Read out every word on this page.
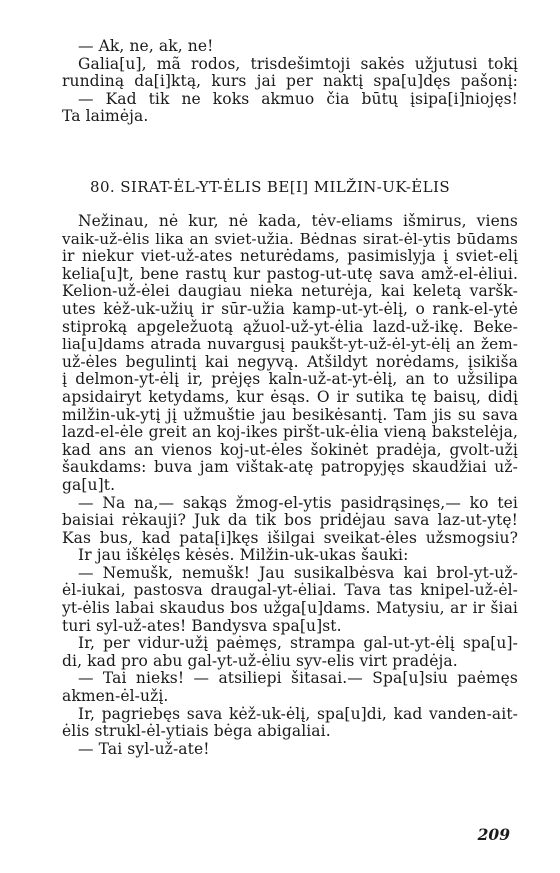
— Ak, ne, ak, ne!
Galia[u], mã rodos, trisdešimtoji sakės užjutusi tokį
rundiną da[i]ktą, kurs jai per naktį spa[u]dęs pašonį:
— Kad tik ne koks akmuo čia būtų įsipa[i]niojęs!
Ta laimėja.
80. SIRAT-ĖL-YT-ĖLIS BE[I] MILŽIN-UK-ĖLIS
Nežinau, nė kur, nė kada, tėv-eliams išmirus, viens
vaik-už-ėlis lika an sviet-užia. Bėdnas sirat-ėl-ytis būdams
ir niekur viet-už-ates neturėdams, pasimislyja į sviet-elį
kelia[u]t, bene rastų kur pastog-ut-utę sava amž-el-ėliui.
Kelion-už-ėlei daugiau nieka neturėja, kai keletą varšk-
utes kėž-uk-užių ir sūr-užia kamp-ut-yt-ėlį, o rank-el-ytė
stiproką apgeležuotą ąžuol-už-yt-ėlia lazd-už-ikę. Beke-
lia[u]dams atrada nuvargusį paukšt-yt-už-ėl-yt-ėlį an žem-
už-ėles begulintį kai negyvą. Atšildyt norėdams, įsikiša
į delmon-yt-ėlį ir, prėjęs kaln-už-at-yt-ėlį, an to užsilipa
apsidairyt ketydams, kur ėsąs. O ir sutika tę baisų, didį
milžin-uk-ytį jį užmuštie jau besikėsantį. Tam jis su sava
lazd-el-ėle greit an koj-ikes piršt-uk-ėlia vieną bakstelėja,
kad ans an vienos koj-ut-ėles šokinėt pradėja, gvolt-užį
šaukdams: buva jam vištak-atę patropyjęs skaudžiai už-
ga[u]t.
— Na na,— sakąs žmog-el-ytis pasidrąsinęs,— ko tei
baisiai rėkauji? Juk da tik bos pridėjau sava laz-ut-ytę!
Kas bus, kad pata[i]kęs išilgai sveikat-ėles užsmogsiu?
Ir jau iškėlęs kėsės. Milžin-uk-ukas šauki:
— Nemušk, nemušk! Jau susikalbėsva kai brol-yt-už-
ėl-iukai, pastosva draugal-yt-ėliai. Tava tas knipel-už-ėl-
yt-ėlis labai skaudus bos užga[u]dams. Matysiu, ar ir šiai
turi syl-už-ates! Bandysva spa[u]st.
Ir, per vidur-užį paėmęs, strampa gal-ut-yt-ėlį spa[u]-
di, kad pro abu gal-yt-už-ėliu syv-elis virt pradėja.
— Tai nieks! — atsiliepi šitasai.— Spa[u]siu paėmęs
akmen-ėl-užį.
Ir, pagriebęs sava kėž-uk-ėlį, spa[u]di, kad vanden-ait-
ėlis strukl-ėl-ytiais bėga abigaliai.
— Tai syl-už-ate!
209
